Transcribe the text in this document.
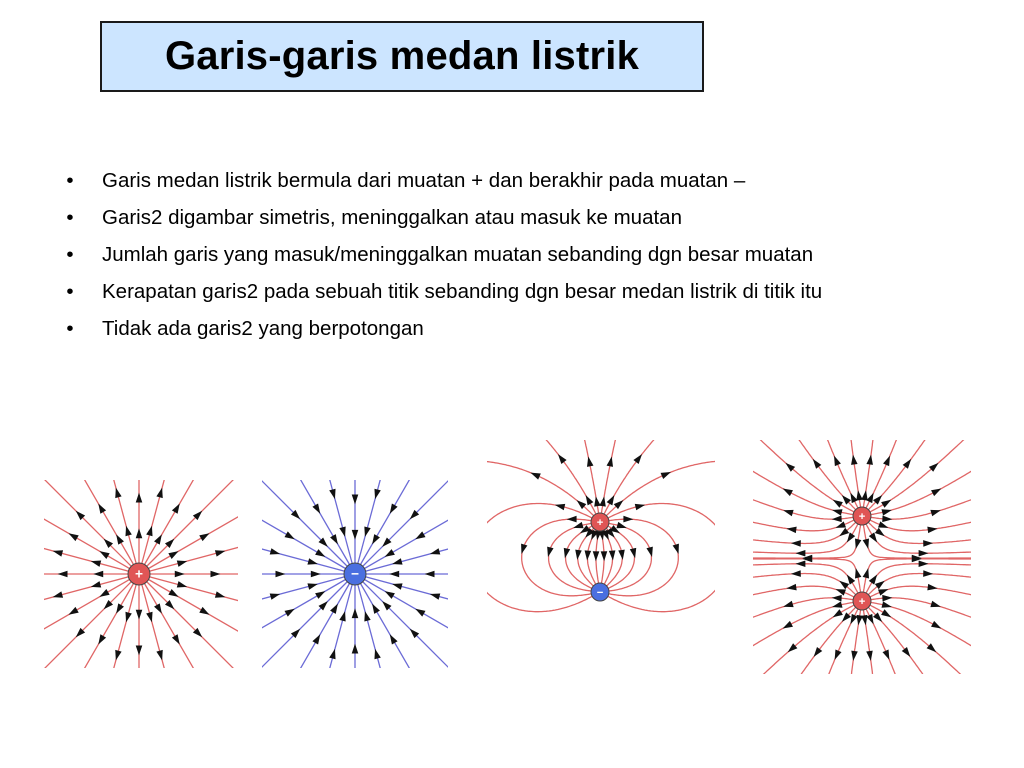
Garis-garis medan listrik
•	Garis medan listrik bermula dari muatan + dan berakhir pada muatan –
•	Garis2 digambar simetris, meninggalkan atau masuk ke muatan
•	Jumlah garis yang masuk/meninggalkan muatan sebanding dgn besar muatan
•	Kerapatan garis2 pada sebuah titik sebanding dgn besar medan listrik di titik itu
•	Tidak ada garis2 yang berpotongan
+	−
+
−
+
+
